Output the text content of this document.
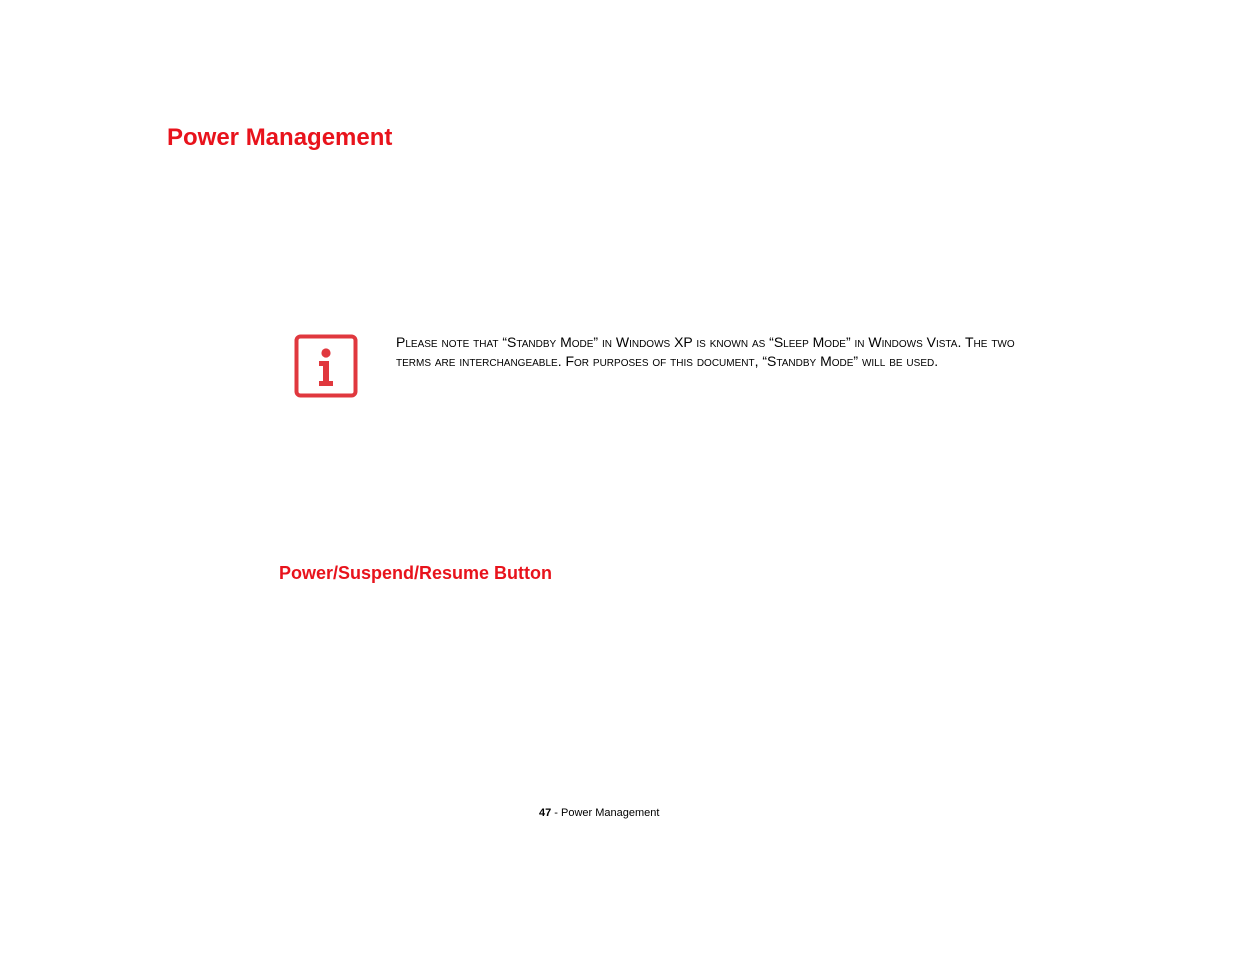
Power Management

Please note that “Standby Mode” in Windows XP is known as “Sleep Mode” in Windows Vista. The two terms are interchangeable. For purposes of this document, “Standby Mode” will be used.

Power/Suspend/Resume Button
47 - Power Management
